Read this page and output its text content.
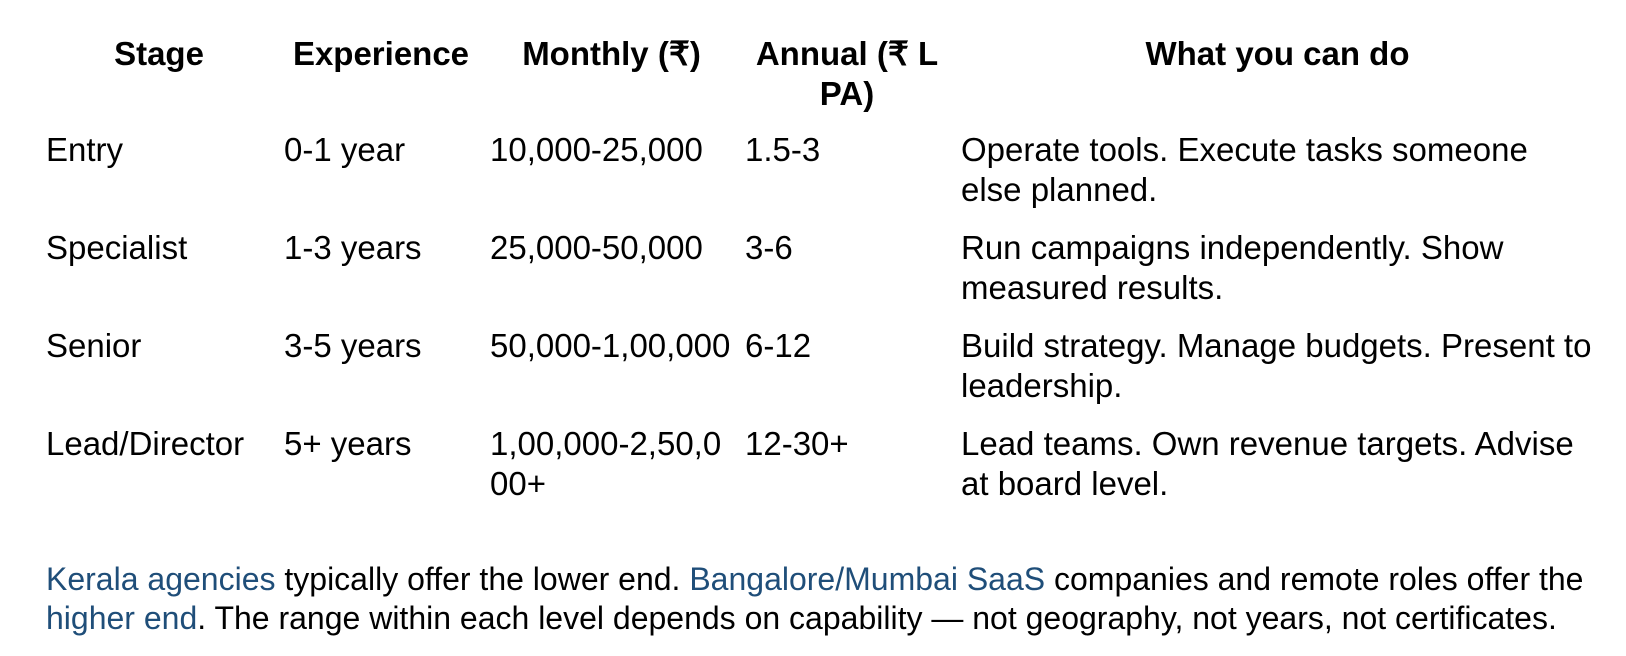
Stage	Experience	Monthly (₹)	Annual (₹ LPA)	What you can do
Entry	0-1 year	10,000-25,000	1.5-3	Operate tools. Execute tasks someone else planned.
Specialist	1-3 years	25,000-50,000	3-6	Run campaigns independently. Show measured results.
Senior	3-5 years	50,000-1,00,000	6-12	Build strategy. Manage budgets. Present to leadership.
Lead/Director	5+ years	1,00,000-2,50,000+	12-30+	Lead teams. Own revenue targets. Advise at board level.

Kerala agencies typically offer the lower end. Bangalore/Mumbai SaaS companies and remote roles offer the higher end. The range within each level depends on capability — not geography, not years, not certificates.
